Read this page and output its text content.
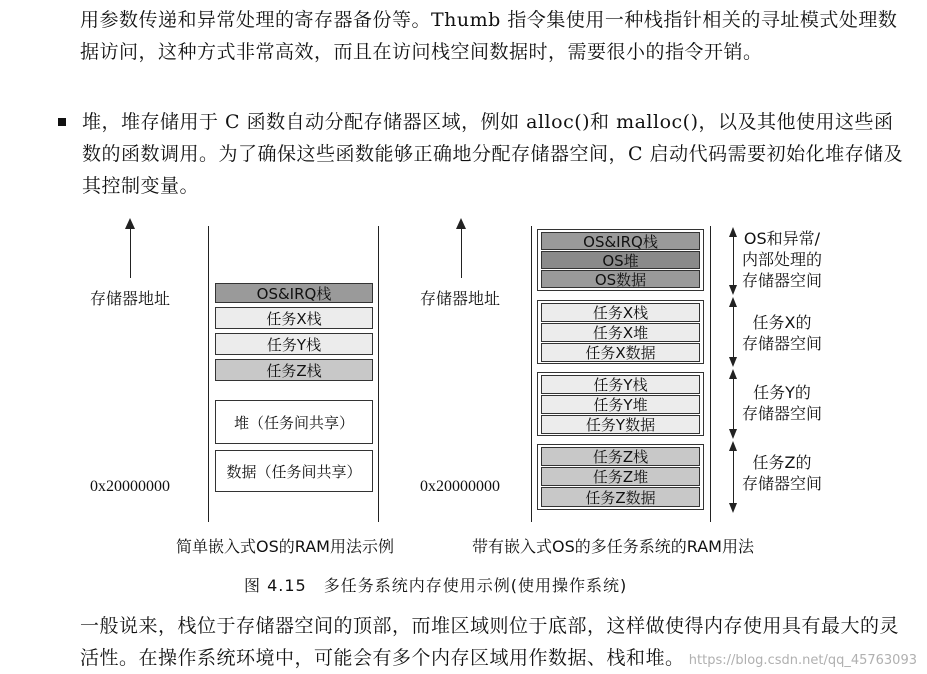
用参数传递和异常处理的寄存器备份等。Thumb 指令集使用一种栈指针相关的寻址模式处理数据访问，这种方式非常高效，而且在访问栈空间数据时，需要很小的指令开销。
堆，堆存储用于 C 函数自动分配存储器区域，例如 alloc()和 malloc()，以及其他使用这些函数的函数调用。为了确保这些函数能够正确地分配存储器空间，C 启动代码需要初始化堆存储及其控制变量。
存储器地址
0x20000000
OS&IRQ栈
任务X栈
任务Y栈
任务Z栈
堆（任务间共享）
数据（任务间共享）
简单嵌入式OS的RAM用法示例
存储器地址
0x20000000
OS&IRQ栈
OS堆
OS数据
任务X栈
任务X堆
任务X数据
任务Y栈
任务Y堆
任务Y数据
任务Z栈
任务Z堆
任务Z数据
OS和异常/
内部处理的
存储器空间
任务X的
存储器空间
任务Y的
存储器空间
任务Z的
存储器空间
带有嵌入式OS的多任务系统的RAM用法
图 4.15　多任务系统内存使用示例(使用操作系统)
一般说来，栈位于存储器空间的顶部，而堆区域则位于底部，这样做使得内存使用具有最大的灵活性。在操作系统环境中，可能会有多个内存区域用作数据、栈和堆。 https://blog.csdn.net/qq_45763093
